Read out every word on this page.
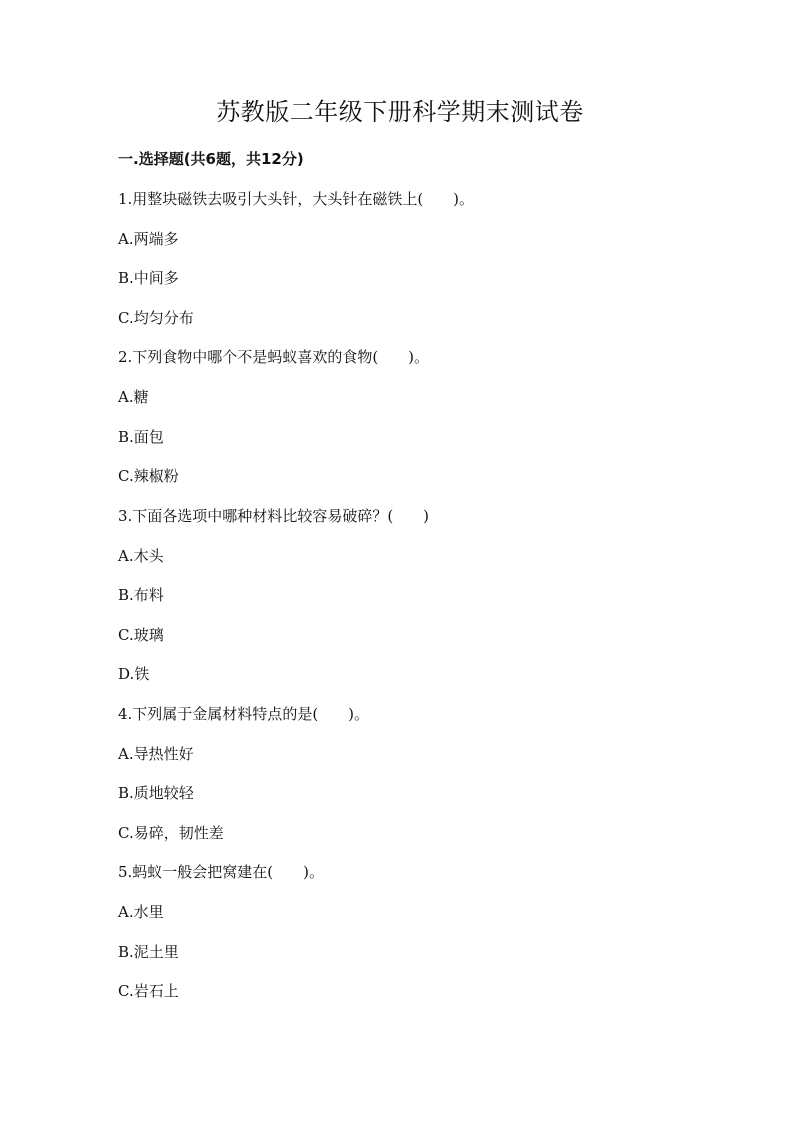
苏教版二年级下册科学期末测试卷
一.选择题(共6题，共12分)
1.用整块磁铁去吸引大头针，大头针在磁铁上(　　)。
A.两端多
B.中间多
C.均匀分布
2.下列食物中哪个不是蚂蚁喜欢的食物(　　)。
A.糖
B.面包
C.辣椒粉
3.下面各选项中哪种材料比较容易破碎？(　　)
A.木头
B.布料
C.玻璃
D.铁
4.下列属于金属材料特点的是(　　)。
A.导热性好
B.质地较轻
C.易碎，韧性差
5.蚂蚁一般会把窝建在(　　)。
A.水里
B.泥土里
C.岩石上
